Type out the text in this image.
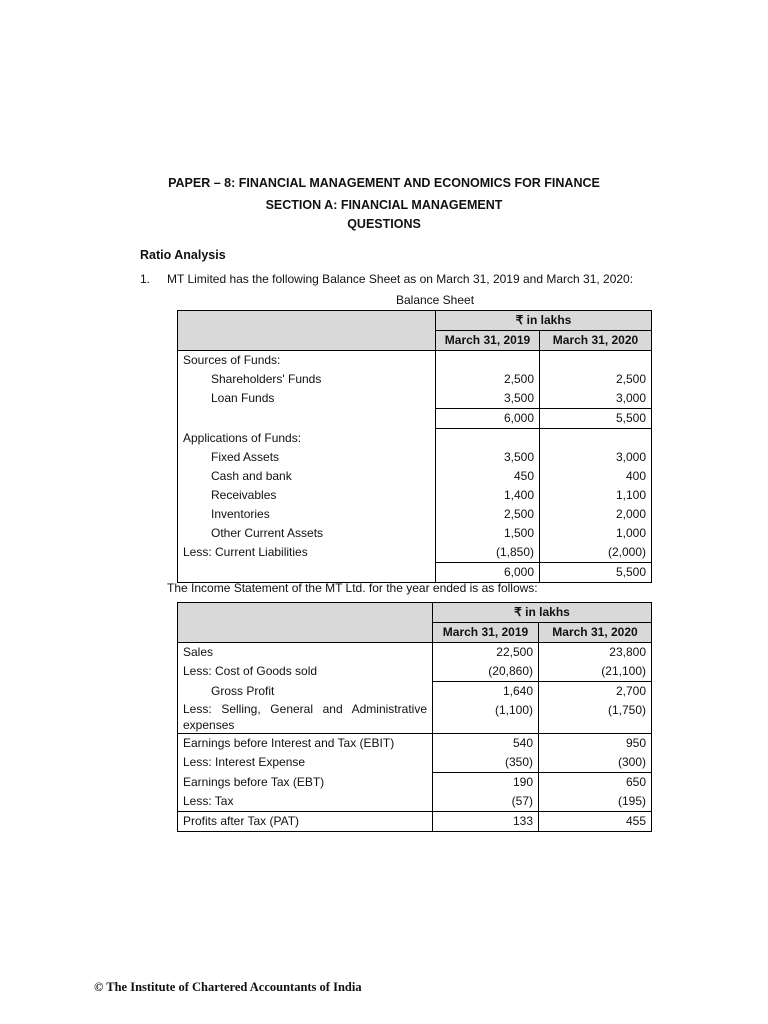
PAPER – 8: FINANCIAL MANAGEMENT AND ECONOMICS FOR FINANCE
SECTION A: FINANCIAL MANAGEMENT
QUESTIONS
Ratio Analysis
1. MT Limited has the following Balance Sheet as on March 31, 2019 and March 31, 2020:
Balance Sheet
	₹ in lakhs	
	March 31, 2019	March 31, 2020
Sources of Funds:		
Shareholders' Funds	2,500	2,500
Loan Funds	3,500	3,000
	6,000	5,500
Applications of Funds:		
Fixed Assets	3,500	3,000
Cash and bank	450	400
Receivables	1,400	1,100
Inventories	2,500	2,000
Other Current Assets	1,500	1,000
Less: Current Liabilities	(1,850)	(2,000)
	6,000	5,500
The Income Statement of the MT Ltd. for the year ended is as follows:
	₹ in lakhs	
	March 31, 2019	March 31, 2020
Sales	22,500	23,800
Less: Cost of Goods sold	(20,860)	(21,100)
Gross Profit	1,640	2,700

Less: Selling, General and Administrative expenses	(1,100)	(1,750)
Earnings before Interest and Tax (EBIT)	540	950
Less: Interest Expense	(350)	(300)
Earnings before Tax (EBT)	190	650
Less: Tax	(57)	(195)
Profits after Tax (PAT)	133	455
© The Institute of Chartered Accountants of India
